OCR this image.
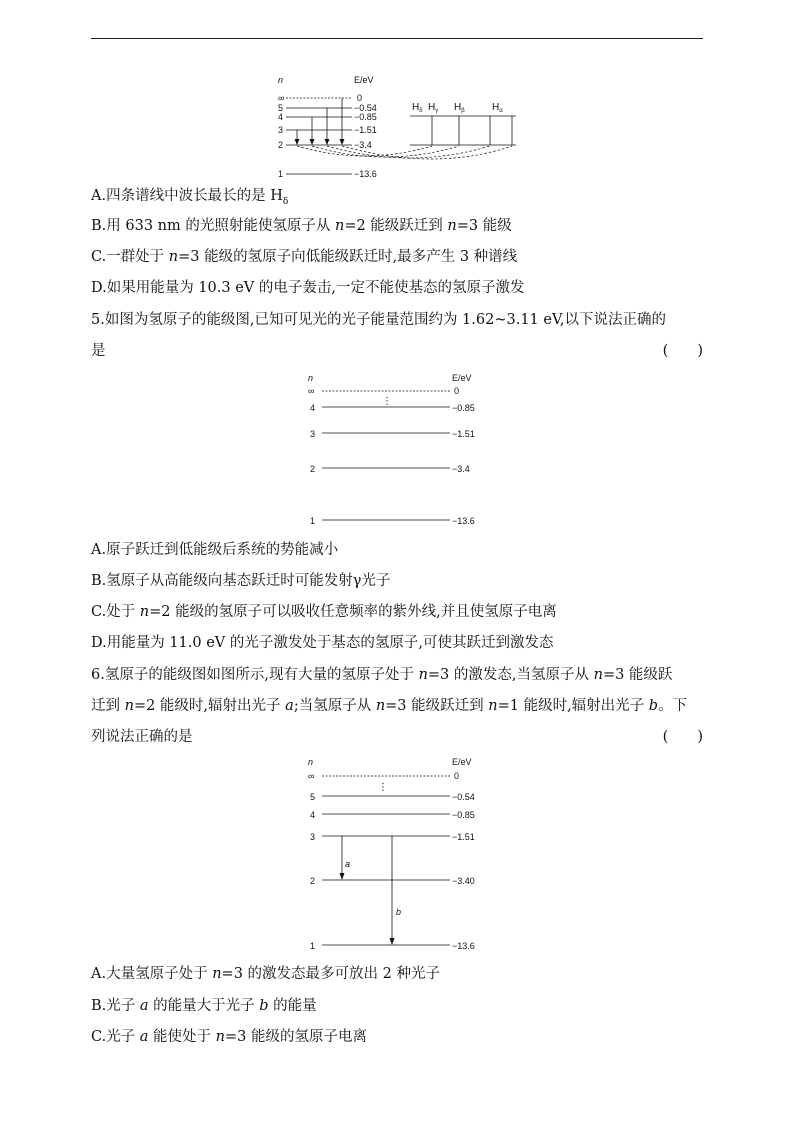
n	E/eV
∞
5
4
3
2
1
0
−0.54
−0.85
−1.51
−3.4
−13.6
$H_\delta$ $H_\gamma$ $H_\beta$	$H_\alpha$
A.四条谱线中波长最长的是 $H_\delta$
B.用 633 nm 的光照射能使氢原子从 n=2 能级跃迁到 n=3 能级
C.一群处于 n=3 能级的氢原子向低能级跃迁时,最多产生 3 种谱线
D.如果用能量为 10.3 eV 的电子轰击,一定不能使基态的氢原子激发
5.如图为氢原子的能级图,已知可见光的光子能量范围约为 1.62~3.11 eV,以下说法正确的
是	(　　)
n	E/eV
⋮
∞
4
3
2
1
0
−0.85
−1.51
−3.4
−13.6
A.原子跃迁到低能级后系统的势能减小
B.氢原子从高能级向基态跃迁时可能发射γ光子
C.处于 n=2 能级的氢原子可以吸收任意频率的紫外线,并且使氢原子电离
D.用能量为 11.0 eV 的光子激发处于基态的氢原子,可使其跃迁到激发态
6.氢原子的能级图如图所示,现有大量的氢原子处于 n=3 的激发态,当氢原子从 n=3 能级跃
迁到 n=2 能级时,辐射出光子 a;当氢原子从 n=3 能级跃迁到 n=1 能级时,辐射出光子 b。下
列说法正确的是	(　　)
n	E/eV
⋮
∞
5
4
3
2
1
0
−0.54
−0.85
−1.51
−3.40
−13.6
a
b
A.大量氢原子处于 n=3 的激发态最多可放出 2 种光子
B.光子 a 的能量大于光子 b 的能量
C.光子 a 能使处于 n=3 能级的氢原子电离
